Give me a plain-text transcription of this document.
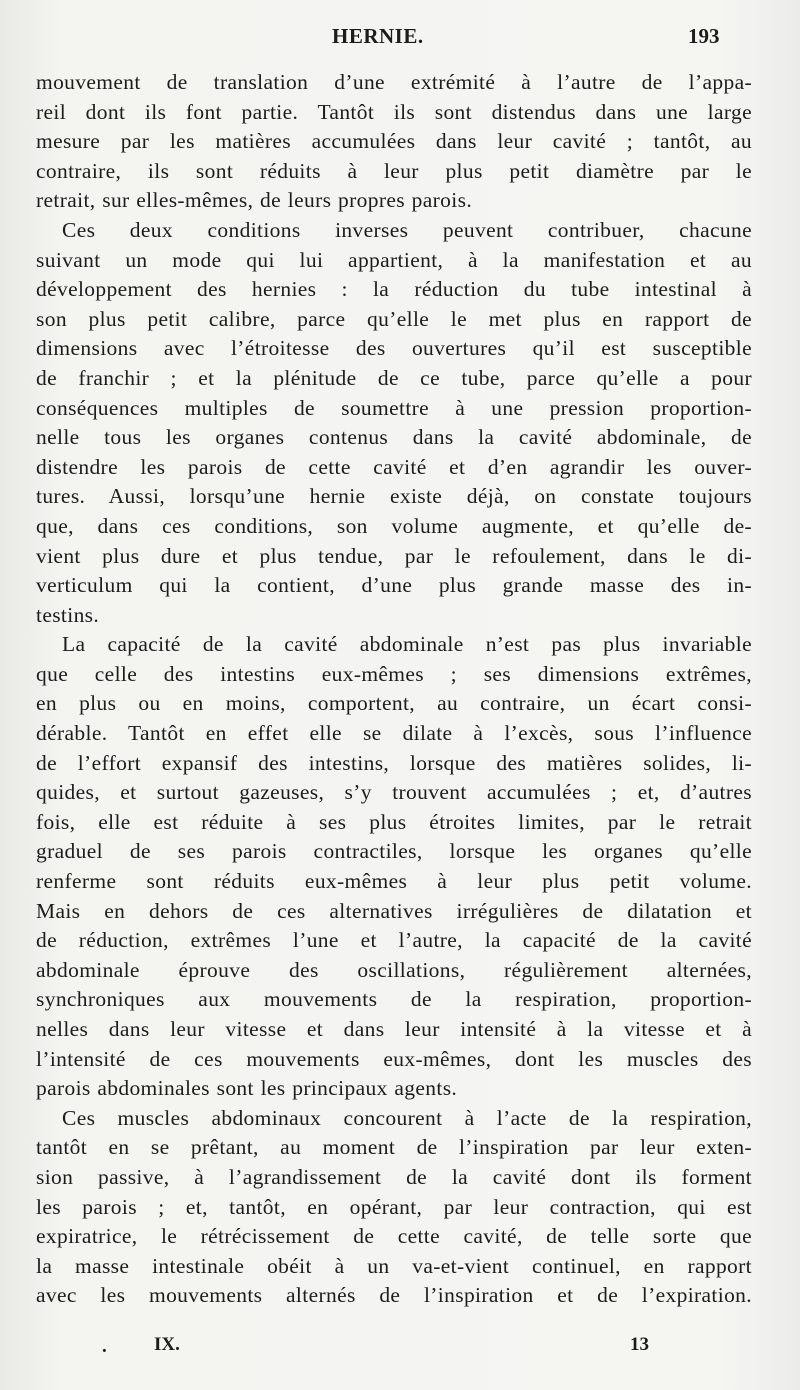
HERNIE.	193

mouvement de translation d’une extrémité à l’autre de l’appa-
reil dont ils font partie. Tantôt ils sont distendus dans une large
mesure par les matières accumulées dans leur cavité ; tantôt, au
contraire, ils sont réduits à leur plus petit diamètre par le
retrait, sur elles-mêmes, de leurs propres parois.

Ces deux conditions inverses peuvent contribuer, chacune
suivant un mode qui lui appartient, à la manifestation et au
développement des hernies : la réduction du tube intestinal à
son plus petit calibre, parce qu’elle le met plus en rapport de
dimensions avec l’étroitesse des ouvertures qu’il est susceptible
de franchir ; et la plénitude de ce tube, parce qu’elle a pour
conséquences multiples de soumettre à une pression proportion-
nelle tous les organes contenus dans la cavité abdominale, de
distendre les parois de cette cavité et d’en agrandir les ouver-
tures. Aussi, lorsqu’une hernie existe déjà, on constate toujours
que, dans ces conditions, son volume augmente, et qu’elle de-
vient plus dure et plus tendue, par le refoulement, dans le di-
verticulum qui la contient, d’une plus grande masse des in-
testins.

La capacité de la cavité abdominale n’est pas plus invariable
que celle des intestins eux-mêmes ; ses dimensions extrêmes,
en plus ou en moins, comportent, au contraire, un écart consi-
dérable. Tantôt en effet elle se dilate à l’excès, sous l’influence
de l’effort expansif des intestins, lorsque des matières solides, li-
quides, et surtout gazeuses, s’y trouvent accumulées ; et, d’autres
fois, elle est réduite à ses plus étroites limites, par le retrait
graduel de ses parois contractiles, lorsque les organes qu’elle
renferme sont réduits eux-mêmes à leur plus petit volume.
Mais en dehors de ces alternatives irrégulières de dilatation et
de réduction, extrêmes l’une et l’autre, la capacité de la cavité
abdominale éprouve des oscillations, régulièrement alternées,
synchroniques aux mouvements de la respiration, proportion-
nelles dans leur vitesse et dans leur intensité à la vitesse et à
l’intensité de ces mouvements eux-mêmes, dont les muscles des
parois abdominales sont les principaux agents.

Ces muscles abdominaux concourent à l’acte de la respiration,
tantôt en se prêtant, au moment de l’inspiration par leur exten-
sion passive, à l’agrandissement de la cavité dont ils forment
les parois ; et, tantôt, en opérant, par leur contraction, qui est
expiratrice, le rétrécissement de cette cavité, de telle sorte que
la masse intestinale obéit à un va-et-vient continuel, en rapport
avec les mouvements alternés de l’inspiration et de l’expiration.

. IX.	13
